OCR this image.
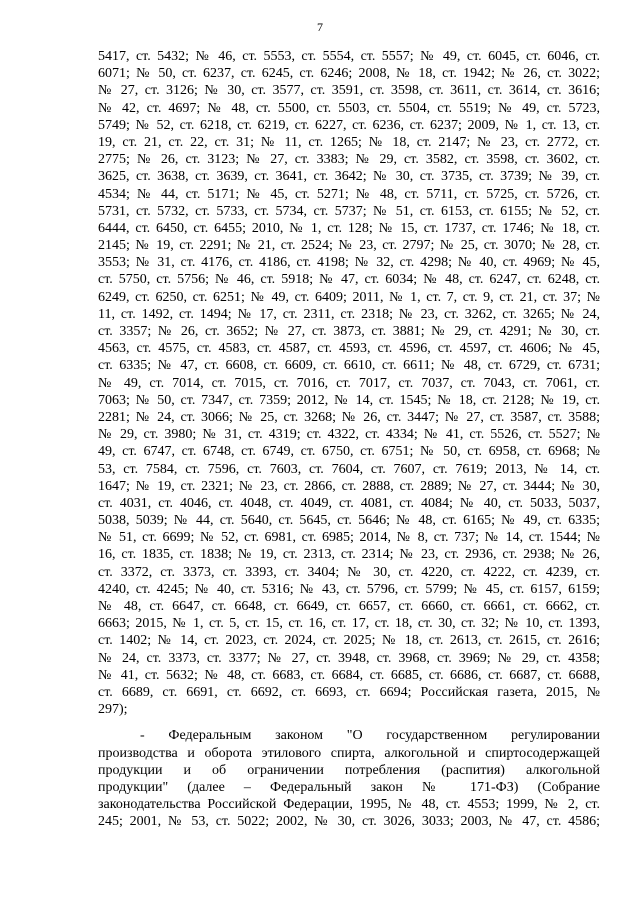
7
5417, ст. 5432; № 46, ст. 5553, ст. 5554, ст. 5557; № 49, ст. 6045, ст. 6046, ст.
6071; № 50, ст. 6237, ст. 6245, ст. 6246; 2008, № 18, ст. 1942; № 26, ст. 3022;
№ 27, ст. 3126; № 30, ст. 3577, ст. 3591, ст. 3598, ст. 3611, ст. 3614, ст. 3616;
№ 42, ст. 4697; № 48, ст. 5500, ст. 5503, ст. 5504, ст. 5519; № 49, ст. 5723,
5749; № 52, ст. 6218, ст. 6219, ст. 6227, ст. 6236, ст. 6237; 2009, № 1, ст. 13, ст.
19, ст. 21, ст. 22, ст. 31; № 11, ст. 1265; № 18, ст. 2147; № 23, ст. 2772, ст.
2775; № 26, ст. 3123; № 27, ст. 3383; № 29, ст. 3582, ст. 3598, ст. 3602, ст.
3625, ст. 3638, ст. 3639, ст. 3641, ст. 3642; № 30, ст. 3735, ст. 3739; № 39, ст.
4534; № 44, ст. 5171; № 45, ст. 5271; № 48, ст. 5711, ст. 5725, ст. 5726, ст.
5731, ст. 5732, ст. 5733, ст. 5734, ст. 5737; № 51, ст. 6153, ст. 6155; № 52, ст.
6444, ст. 6450, ст. 6455; 2010, № 1, ст. 128; № 15, ст. 1737, ст. 1746; № 18, ст.
2145; № 19, ст. 2291; № 21, ст. 2524; № 23, ст. 2797; № 25, ст. 3070; № 28, ст.
3553; № 31, ст. 4176, ст. 4186, ст. 4198; № 32, ст. 4298; № 40, ст. 4969; № 45,
ст. 5750, ст. 5756; № 46, ст. 5918; № 47, ст. 6034; № 48, ст. 6247, ст. 6248, ст.
6249, ст. 6250, ст. 6251; № 49, ст. 6409; 2011, № 1, ст. 7, ст. 9, ст. 21, ст. 37; №
11, ст. 1492, ст. 1494; № 17, ст. 2311, ст. 2318; № 23, ст. 3262, ст. 3265; № 24,
ст. 3357; № 26, ст. 3652; № 27, ст. 3873, ст. 3881; № 29, ст. 4291; № 30, ст.
4563, ст. 4575, ст. 4583, ст. 4587, ст. 4593, ст. 4596, ст. 4597, ст. 4606; № 45,
ст. 6335; № 47, ст. 6608, ст. 6609, ст. 6610, ст. 6611; № 48, ст. 6729, ст. 6731;
№ 49, ст. 7014, ст. 7015, ст. 7016, ст. 7017, ст. 7037, ст. 7043, ст. 7061, ст.
7063; № 50, ст. 7347, ст. 7359; 2012, № 14, ст. 1545; № 18, ст. 2128; № 19, ст.
2281; № 24, ст. 3066; № 25, ст. 3268; № 26, ст. 3447; № 27, ст. 3587, ст. 3588;
№ 29, ст. 3980; № 31, ст. 4319; ст. 4322, ст. 4334; № 41, ст. 5526, ст. 5527; №
49, ст. 6747, ст. 6748, ст. 6749, ст. 6750, ст. 6751; № 50, ст. 6958, ст. 6968; №
53, ст. 7584, ст. 7596, ст. 7603, ст. 7604, ст. 7607, ст. 7619; 2013, № 14, ст.
1647; № 19, ст. 2321; № 23, ст. 2866, ст. 2888, ст. 2889; № 27, ст. 3444; № 30,
ст. 4031, ст. 4046, ст. 4048, ст. 4049, ст. 4081, ст. 4084; № 40, ст. 5033, 5037,
5038, 5039; № 44, ст. 5640, ст. 5645, ст. 5646; № 48, ст. 6165; № 49, ст. 6335;
№ 51, ст. 6699; № 52, ст. 6981, ст. 6985; 2014, № 8, ст. 737; № 14, ст. 1544; №
16, ст. 1835, ст. 1838; № 19, ст. 2313, ст. 2314; № 23, ст. 2936, ст. 2938; № 26,
ст. 3372, ст. 3373, ст. 3393, ст. 3404; № 30, ст. 4220, ст. 4222, ст. 4239, ст.
4240, ст. 4245; № 40, ст. 5316; № 43, ст. 5796, ст. 5799; № 45, ст. 6157, 6159;
№ 48, ст. 6647, ст. 6648, ст. 6649, ст. 6657, ст. 6660, ст. 6661, ст. 6662, ст.
6663; 2015, № 1, ст. 5, ст. 15, ст. 16, ст. 17, ст. 18, ст. 30, ст. 32; № 10, ст. 1393,
ст. 1402; № 14, ст. 2023, ст. 2024, ст. 2025; № 18, ст. 2613, ст. 2615, ст. 2616;
№ 24, ст. 3373, ст. 3377; № 27, ст. 3948, ст. 3968, ст. 3969; № 29, ст. 4358;
№ 41, ст. 5632; № 48, ст. 6683, ст. 6684, ст. 6685, ст. 6686, ст. 6687, ст. 6688,
ст. 6689, ст. 6691, ст. 6692, ст. 6693, ст. 6694; Российская газета, 2015, №
297);
- Федеральным законом "О государственном регулировании
производства и оборота этилового спирта, алкогольной и спиртосодержащей
продукции и об ограничении потребления (распития) алкогольной
продукции" (далее – Федеральный закон № 171-ФЗ) (Собрание
законодательства Российской Федерации, 1995, № 48, ст. 4553; 1999, № 2, ст.
245; 2001, № 53, ст. 5022; 2002, № 30, ст. 3026, 3033; 2003, № 47, ст. 4586;
